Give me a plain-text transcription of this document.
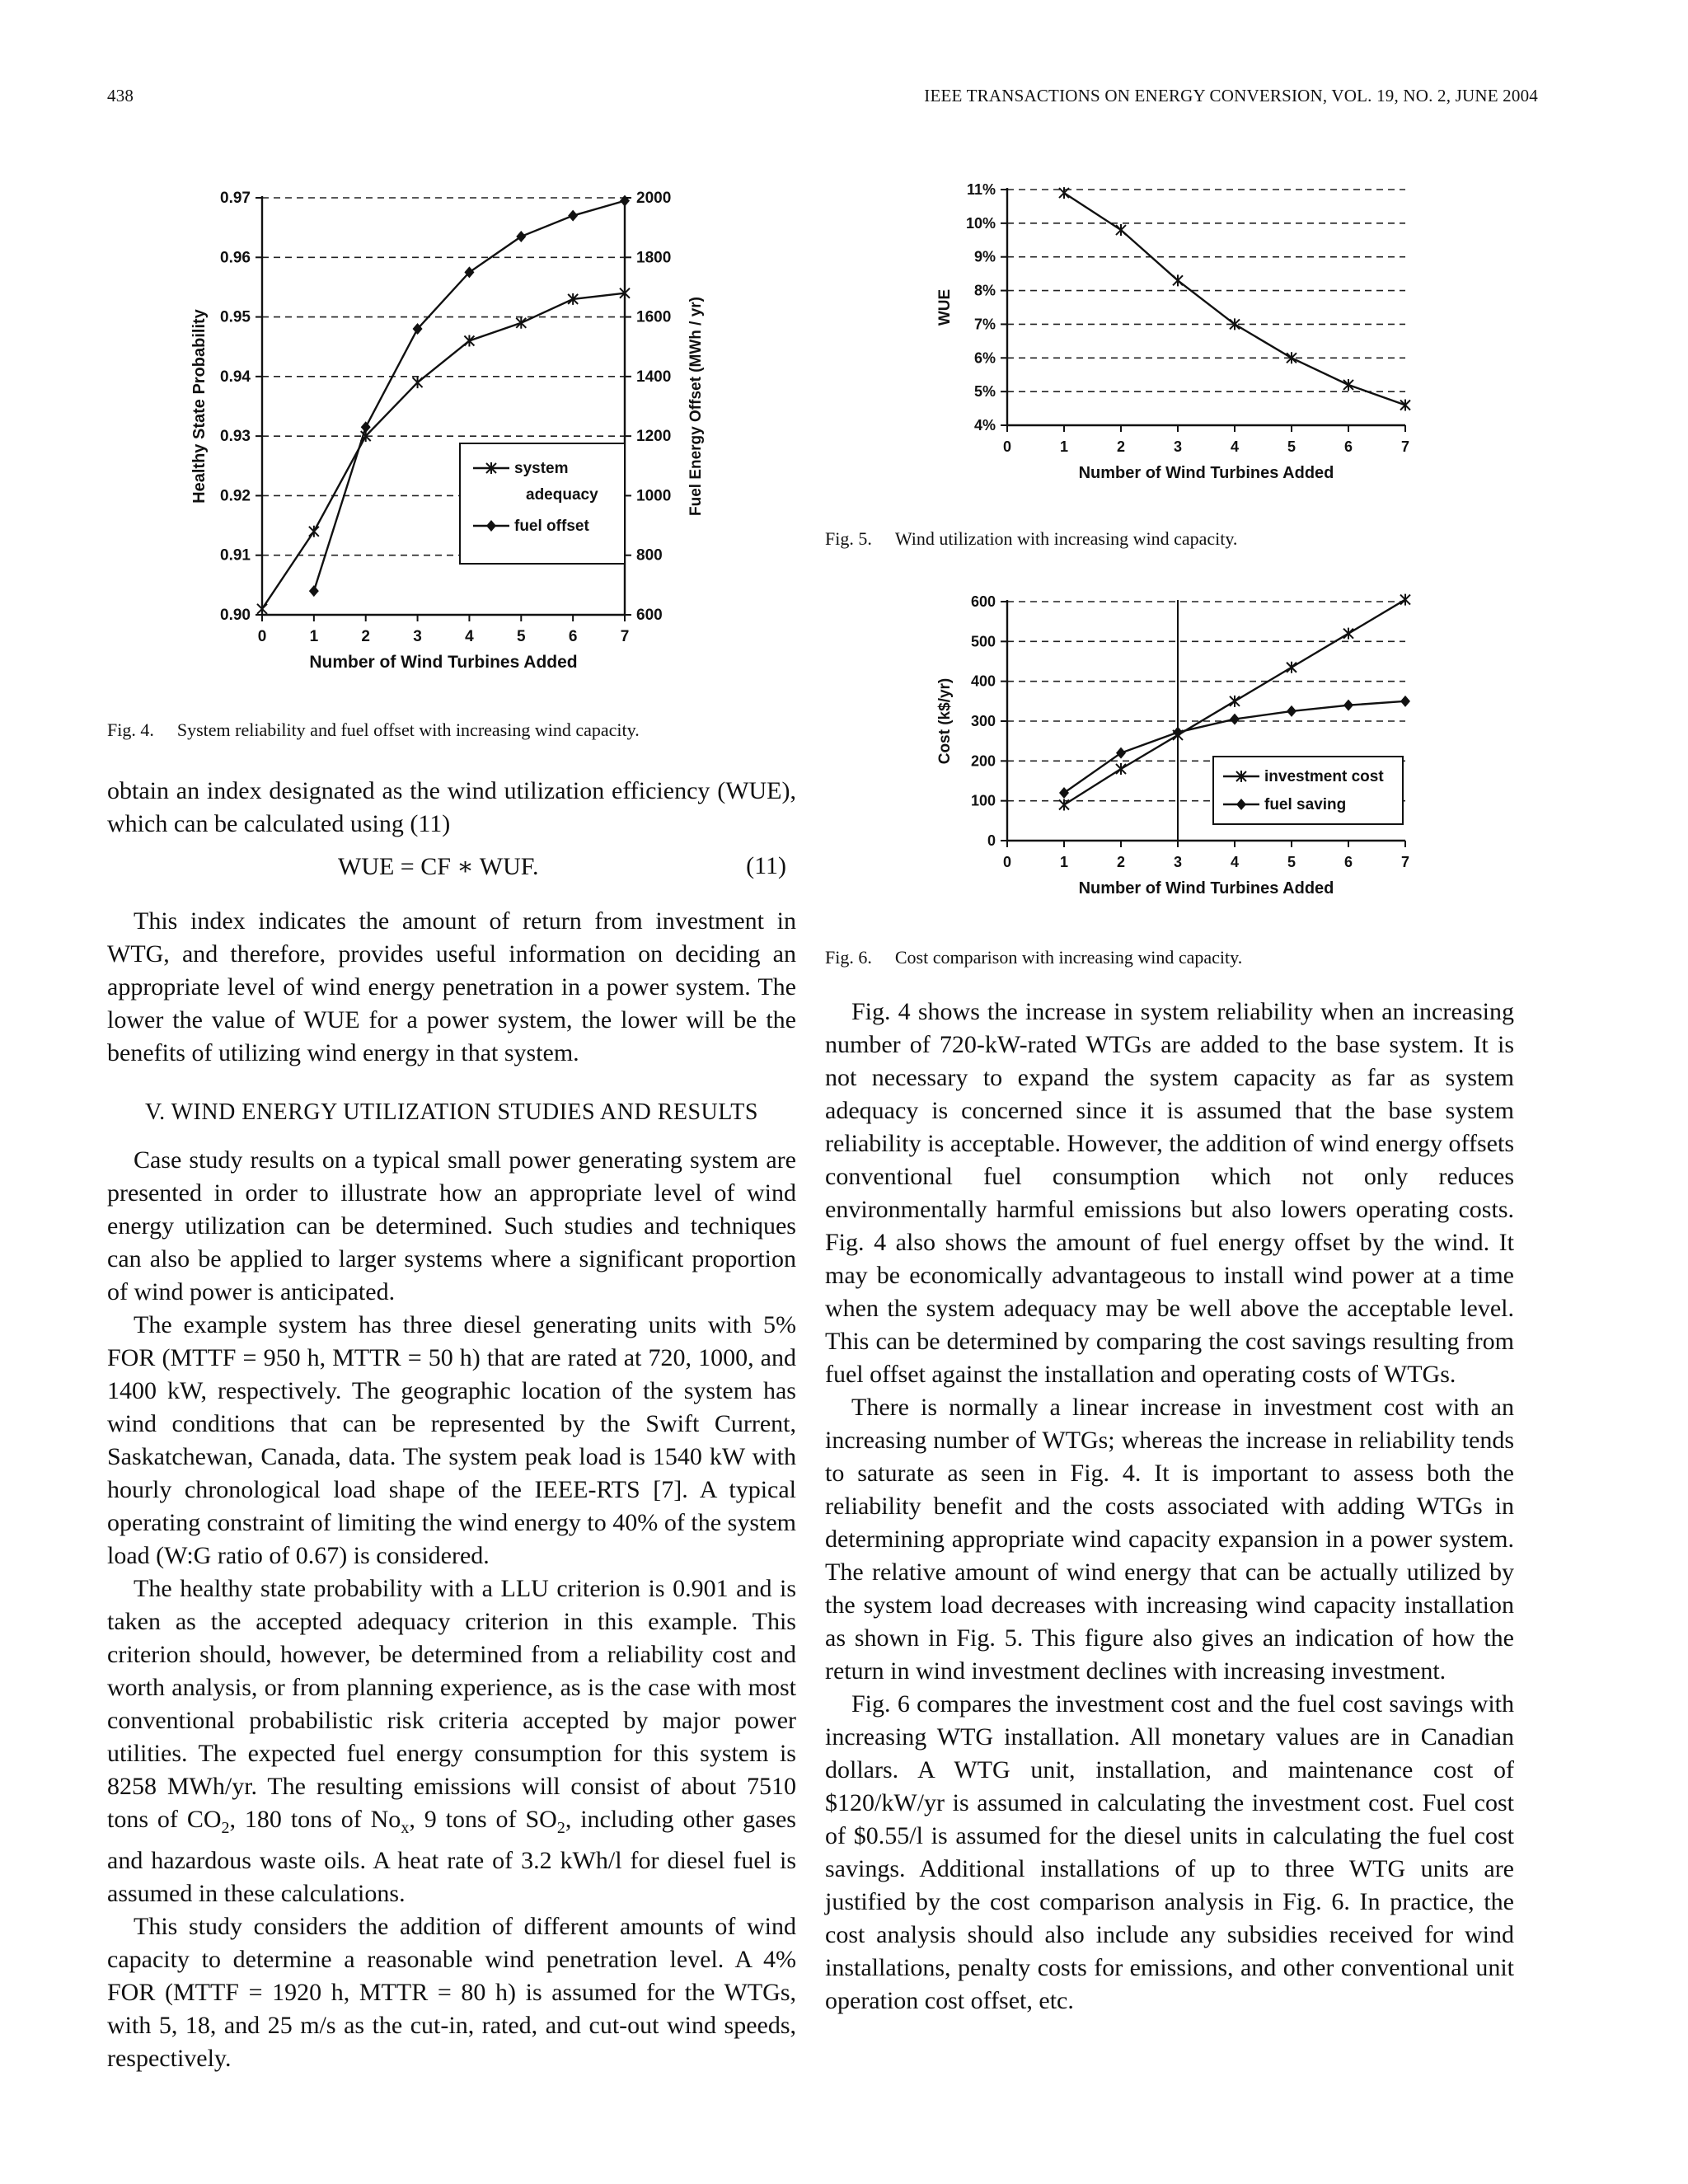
438	IEEE TRANSACTIONS ON ENERGY CONVERSION, VOL. 19, NO. 2, JUNE 2004
0.97
0.96
0.95
0.94
0.93
0.92
0.91
0.90
2000
1800
1600
1400
1200
1000
800
600
0	1	2	3	4	5	6	7
Number of Wind Turbines Added
Healthy State Probability	Fuel Energy Offset (MWh / yr)
system
adequacy
fuel offset
11%
10%
9%
8%
7%
6%
5%
4%
0	1	2	3	4	5	6	7
Number of Wind Turbines Added
WUE
600
500
400
300
200
100
0
0	1	2	3	4	5	6	7
Number of Wind Turbines Added
Cost (k$/yr)
investment cost
fuel saving
Fig. 4. System reliability and fuel offset with increasing wind capacity.
Fig. 5. Wind utilization with increasing wind capacity.
Fig. 6. Cost comparison with increasing wind capacity.

obtain an index designated as the wind utilization efficiency (WUE), which can be calculated using (11)

WUE = CF ∗ WUF.	(11)

This index indicates the amount of return from investment in WTG, and therefore, provides useful information on deciding an appropriate level of wind energy penetration in a power system. The lower the value of WUE for a power system, the lower will be the benefits of utilizing wind energy in that system.

V. WIND ENERGY UTILIZATION STUDIES AND RESULTS

Case study results on a typical small power generating system are presented in order to illustrate how an appropriate level of wind energy utilization can be determined. Such studies and techniques can also be applied to larger systems where a significant proportion of wind power is anticipated.

The example system has three diesel generating units with 5% FOR (MTTF = 950 h, MTTR = 50 h) that are rated at 720, 1000, and 1400 kW, respectively. The geographic location of the system has wind conditions that can be represented by the Swift Current, Saskatchewan, Canada, data. The system peak load is 1540 kW with hourly chronological load shape of the IEEE-RTS [7]. A typical operating constraint of limiting the wind energy to 40% of the system load (W:G ratio of 0.67) is considered.

The healthy state probability with a LLU criterion is 0.901 and is taken as the accepted adequacy criterion in this example. This criterion should, however, be determined from a reliability cost and worth analysis, or from planning experience, as is the case with most conventional probabilistic risk criteria accepted by major power utilities. The expected fuel energy consumption for this system is 8258 MWh/yr. The resulting emissions will consist of about 7510 tons of $CO_2$, 180 tons of $No_x$, 9 tons of $SO_2$, including other gases and hazardous waste oils. A heat rate of 3.2 kWh/l for diesel fuel is assumed in these calculations.

This study considers the addition of different amounts of wind capacity to determine a reasonable wind penetration level. A 4% FOR (MTTF = 1920 h, MTTR = 80 h) is assumed for the WTGs, with 5, 18, and 25 m/s as the cut-in, rated, and cut-out wind speeds, respectively.

Fig. 4 shows the increase in system reliability when an increasing number of 720-kW-rated WTGs are added to the base system. It is not necessary to expand the system capacity as far as system adequacy is concerned since it is assumed that the base system reliability is acceptable. However, the addition of wind energy offsets conventional fuel consumption which not only reduces environmentally harmful emissions but also lowers operating costs. Fig. 4 also shows the amount of fuel energy offset by the wind. It may be economically advantageous to install wind power at a time when the system adequacy may be well above the acceptable level. This can be determined by comparing the cost savings resulting from fuel offset against the installation and operating costs of WTGs.

There is normally a linear increase in investment cost with an increasing number of WTGs; whereas the increase in reliability tends to saturate as seen in Fig. 4. It is important to assess both the reliability benefit and the costs associated with adding WTGs in determining appropriate wind capacity expansion in a power system. The relative amount of wind energy that can be actually utilized by the system load decreases with increasing wind capacity installation as shown in Fig. 5. This figure also gives an indication of how the return in wind investment declines with increasing investment.

Fig. 6 compares the investment cost and the fuel cost savings with increasing WTG installation. All monetary values are in Canadian dollars. A WTG unit, installation, and maintenance cost of $120/kW/yr is assumed in calculating the investment cost. Fuel cost of $0.55/l is assumed for the diesel units in calculating the fuel cost savings. Additional installations of up to three WTG units are justified by the cost comparison analysis in Fig. 6. In practice, the cost analysis should also include any subsidies received for wind installations, penalty costs for emissions, and other conventional unit operation cost offset, etc.
